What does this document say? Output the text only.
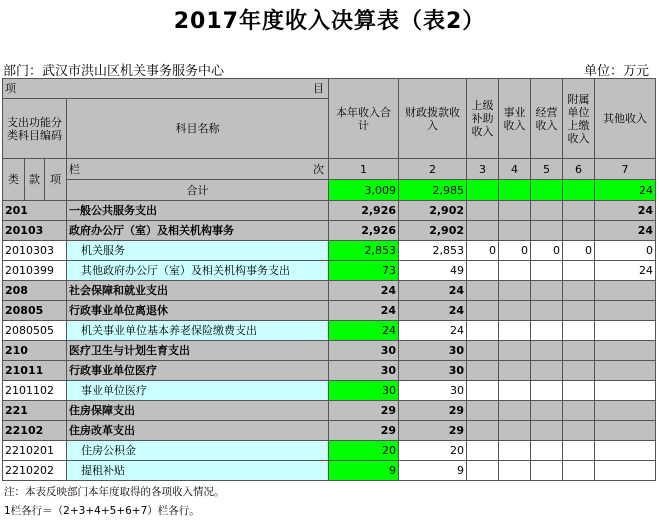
2017年度收入决算表（表2）
部门：武汉市洪山区机关事务服务中心	单位：万元
项 目				本年收入合计	财政拨款收入	上级补助收入	事业收入	经营收入	附属单位上缴收入	其他收入
支出功能分类科目编码			科目名称							

类	款	项	栏 次	1	2	3	4	5	6	7
			合计	3,009	2,985					24
201			一般公共服务支出	2,926	2,902					24
20103			政府办公厅（室）及相关机构事务	2,926	2,902					24
2010303			机关服务	2,853	2,853	0	0	0	0	0
2010399			其他政府办公厅（室）及相关机构事务支出	73	49					24
208			社会保障和就业支出	24	24					
20805			行政事业单位离退休	24	24					
2080505			机关事业单位基本养老保险缴费支出	24	24					
210			医疗卫生与计划生育支出	30	30					
21011			行政事业单位医疗	30	30					
2101102			事业单位医疗	30	30					
221			住房保障支出	29	29					
22102			住房改革支出	29	29					
2210201			住房公积金	20	20					
2210202			提租补贴	9	9					
注：本表反映部门本年度取得的各项收入情况。
1栏各行＝（2+3+4+5+6+7）栏各行。
